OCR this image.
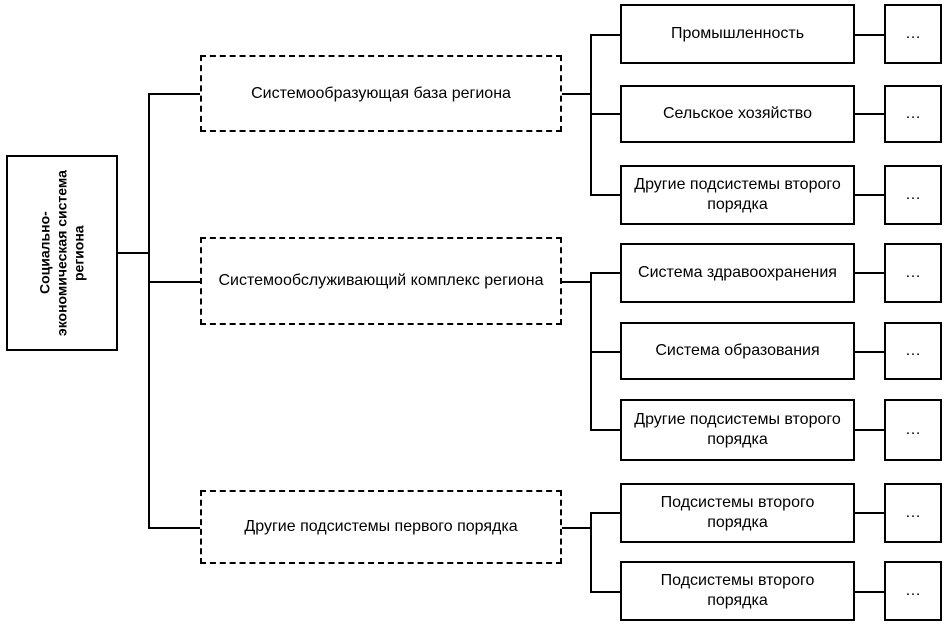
Социально-экономическая система региона
Системообразующая база региона
Системообслуживающий комплекс региона
Другие подсистемы первого порядка
Промышленность
Сельское хозяйство
Другие подсистемы второго порядка
Система здравоохранения
Система образования
Другие подсистемы второго порядка
Подсистемы второго порядка
Подсистемы второго порядка
…
…
…
…
…
…
…
…
